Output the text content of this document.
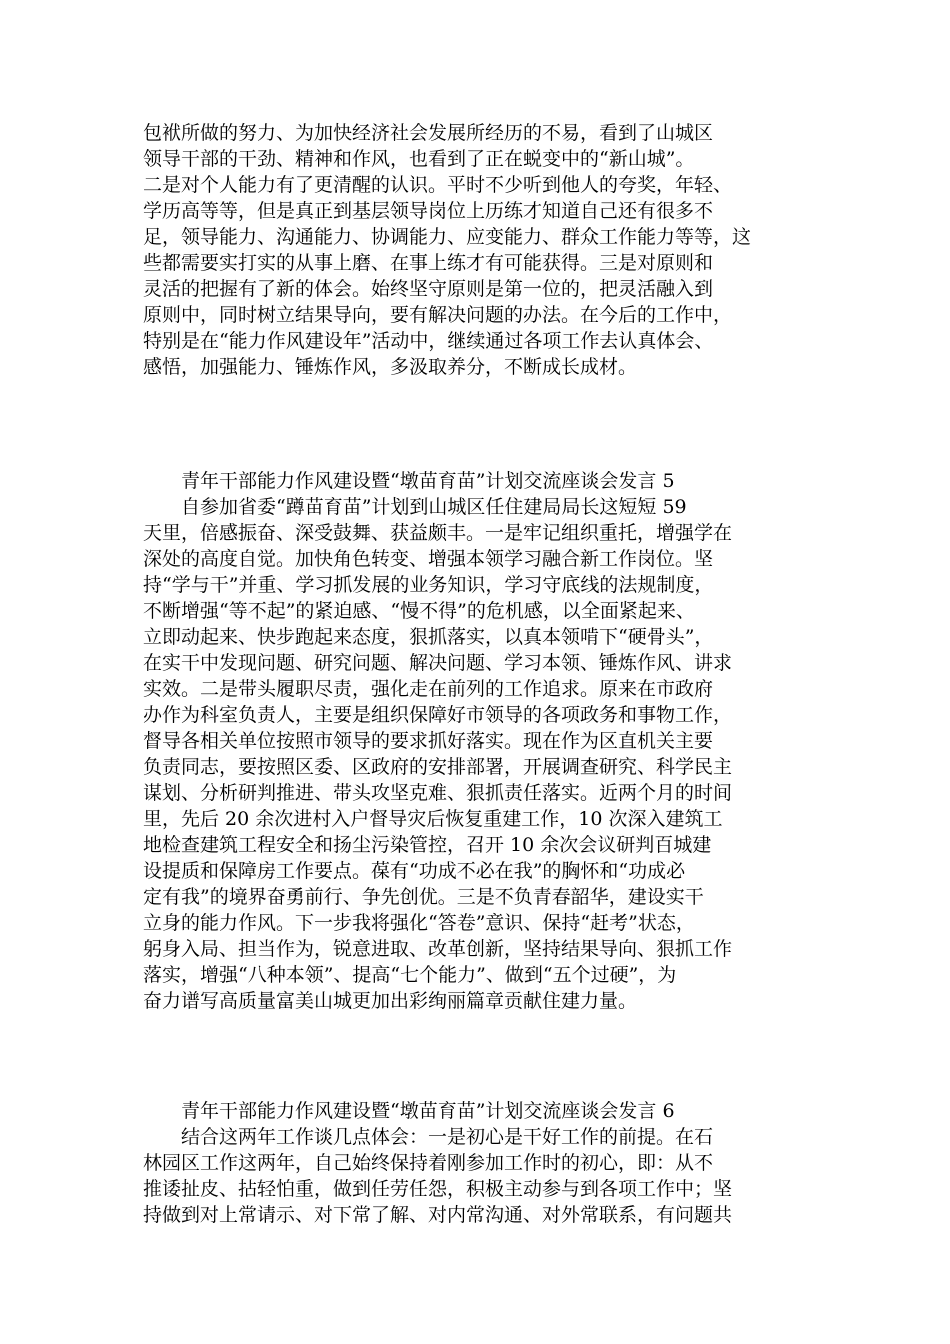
包袱所做的努力、为加快经济社会发展所经历的不易，看到了山城区
领导干部的干劲、精神和作风，也看到了正在蜕变中的“新山城”。
二是对个人能力有了更清醒的认识。平时不少听到他人的夸奖，年轻、
学历高等等，但是真正到基层领导岗位上历练才知道自己还有很多不
足，领导能力、沟通能力、协调能力、应变能力、群众工作能力等等，这
些都需要实打实的从事上磨、在事上练才有可能获得。三是对原则和
灵活的把握有了新的体会。始终坚守原则是第一位的，把灵活融入到
原则中，同时树立结果导向，要有解决问题的办法。在今后的工作中，
特别是在“能力作风建设年”活动中，继续通过各项工作去认真体会、
感悟，加强能力、锤炼作风，多汲取养分，不断成长成材。
青年干部能力作风建设暨“墩苗育苗”计划交流座谈会发言 5
自参加省委“蹲苗育苗”计划到山城区任住建局局长这短短 59
天里，倍感振奋、深受鼓舞、获益颇丰。一是牢记组织重托，增强学在
深处的高度自觉。加快角色转变、增强本领学习融合新工作岗位。坚
持“学与干”并重、学习抓发展的业务知识，学习守底线的法规制度，
不断增强“等不起”的紧迫感、“慢不得”的危机感，以全面紧起来、
立即动起来、快步跑起来态度，狠抓落实，以真本领啃下“硬骨头”，
在实干中发现问题、研究问题、解决问题、学习本领、锤炼作风、讲求
实效。二是带头履职尽责，强化走在前列的工作追求。原来在市政府
办作为科室负责人，主要是组织保障好市领导的各项政务和事物工作，
督导各相关单位按照市领导的要求抓好落实。现在作为区直机关主要
负责同志，要按照区委、区政府的安排部署，开展调查研究、科学民主
谋划、分析研判推进、带头攻坚克难、狠抓责任落实。近两个月的时间
里，先后 20 余次进村入户督导灾后恢复重建工作，10 次深入建筑工
地检查建筑工程安全和扬尘污染管控，召开 10 余次会议研判百城建
设提质和保障房工作要点。葆有“功成不必在我”的胸怀和“功成必
定有我”的境界奋勇前行、争先创优。三是不负青春韶华，建设实干
立身的能力作风。下一步我将强化“答卷”意识、保持“赶考”状态，
躬身入局、担当作为，锐意进取、改革创新，坚持结果导向、狠抓工作
落实，增强“八种本领”、提高“七个能力”、做到“五个过硬”，为
奋力谱写高质量富美山城更加出彩绚丽篇章贡献住建力量。
青年干部能力作风建设暨“墩苗育苗”计划交流座谈会发言 6
结合这两年工作谈几点体会：一是初心是干好工作的前提。在石
林园区工作这两年，自己始终保持着刚参加工作时的初心，即：从不
推诿扯皮、拈轻怕重，做到任劳任怨，积极主动参与到各项工作中；坚
持做到对上常请示、对下常了解、对内常沟通、对外常联系，有问题共
